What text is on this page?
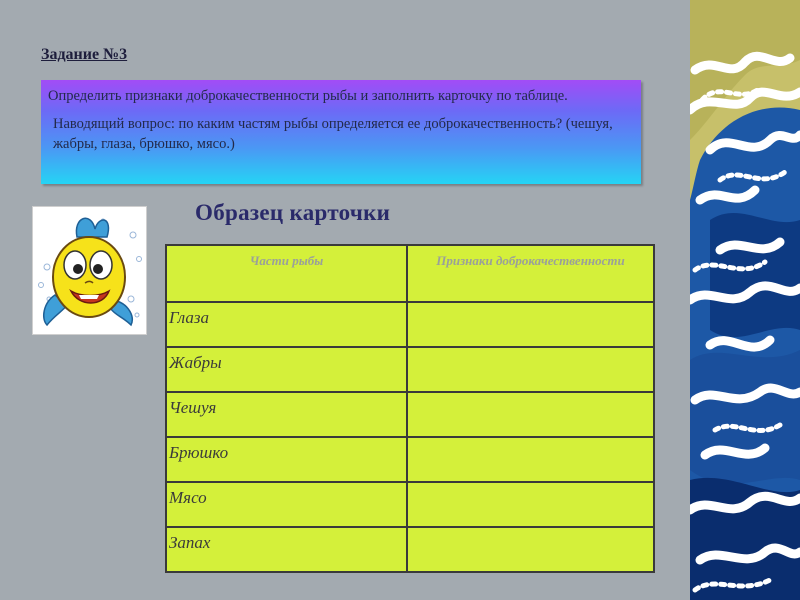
Задание №3

Определить признаки доброкачественности рыбы и заполнить карточку по таблице.

Наводящий вопрос: по каким частям рыбы определяется ее доброкачественность? (чешуя, жабры, глаза, брюшко, мясо.)

Образец карточки
Части рыбы	Признаки доброкачественности
Глаза	
Жабры	
Чешуя	
Брюшко	
Мясо	
Запах	
